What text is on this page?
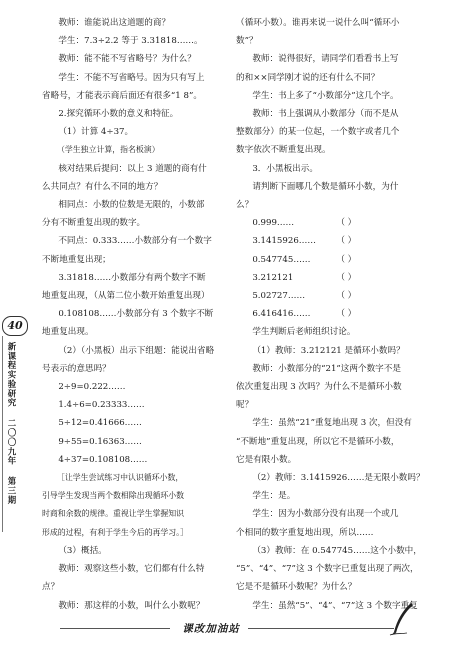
40
新课程实验研究 二〇〇九年 第三期

教师：谁能说出这道题的商？

学生：7.3÷2.2 等于 3.31818……。

教师：能不能不写省略号？为什么？

学生：不能不写省略号。因为只有写上

省略号，才能表示商后面还有很多“1 8”。

2.探究循环小数的意义和特征。

（1）计算 4÷37。

（学生独立计算，指名板演）

核对结果后提问：以上 3 道题的商有什

么共同点？有什么不同的地方？

相同点：小数的位数是无限的，小数部

分有不断重复出现的数字。

不同点：0.333……小数部分有一个数字

不断地重复出现；

3.31818……小数部分有两个数字不断

地重复出现，（从第二位小数开始重复出现）

0.108108……小数部分有 3 个数字不断

地重复出现。

（2）（小黑板）出示下组题：能说出省略

号表示的意思吗？

2÷9=0.222……

1.4÷6=0.23333……

5÷12=0.41666……

9÷55=0.16363……

4÷37=0.108108……

［让学生尝试练习中认识循环小数，

引导学生发现当两个数相除出现循环小数

时商和余数的规律。重视让学生掌握知识

形成的过程，有利于学生今后的再学习。］

（3）概括。

教师：观察这些小数，它们都有什么特

点？

教师：那这样的小数，叫什么小数呢？

（循环小数）。谁再来说一说什么叫“循环小

数”？

教师：说得很好，请同学们看看书上写

的和××同学刚才说的还有什么不同？

学生：书上多了“小数部分”这几个字。

教师：书上强调从小数部分（而不是从

整数部分）的某一位起，一个数字或者几个

数字依次不断重复出现。

3．小黑板出示。

请判断下面哪几个数是循环小数，为什

么？

0.999……	（ ）

3.1415926…… （ ）

0.547745……	（ ）

3.212121	（ ）

5.02727……	（ ）

6.416416……	（ ）

学生判断后老师组织讨论。

（1）教师：3.212121 是循环小数吗？

教师：小数部分的“21”这两个数字不是

依次重复出现 3 次吗？为什么不是循环小数

呢？

学生：虽然“21”重复地出现 3 次，但没有

“不断地”重复出现，所以它不是循环小数，

它是有限小数。

（2）教师：3.1415926……是无限小数吗？

学生：是。

学生：因为小数部分没有出现一个或几

个相同的数字重复地出现，所以……

（3）教师：在 0.547745……这个小数中，

“5”、“4”、“7”这 3 个数字已重复出现了两次，

它是不是循环小数呢？为什么？

学生：虽然“5”、“4”、“7”这 3 个数字重复

课改加油站
